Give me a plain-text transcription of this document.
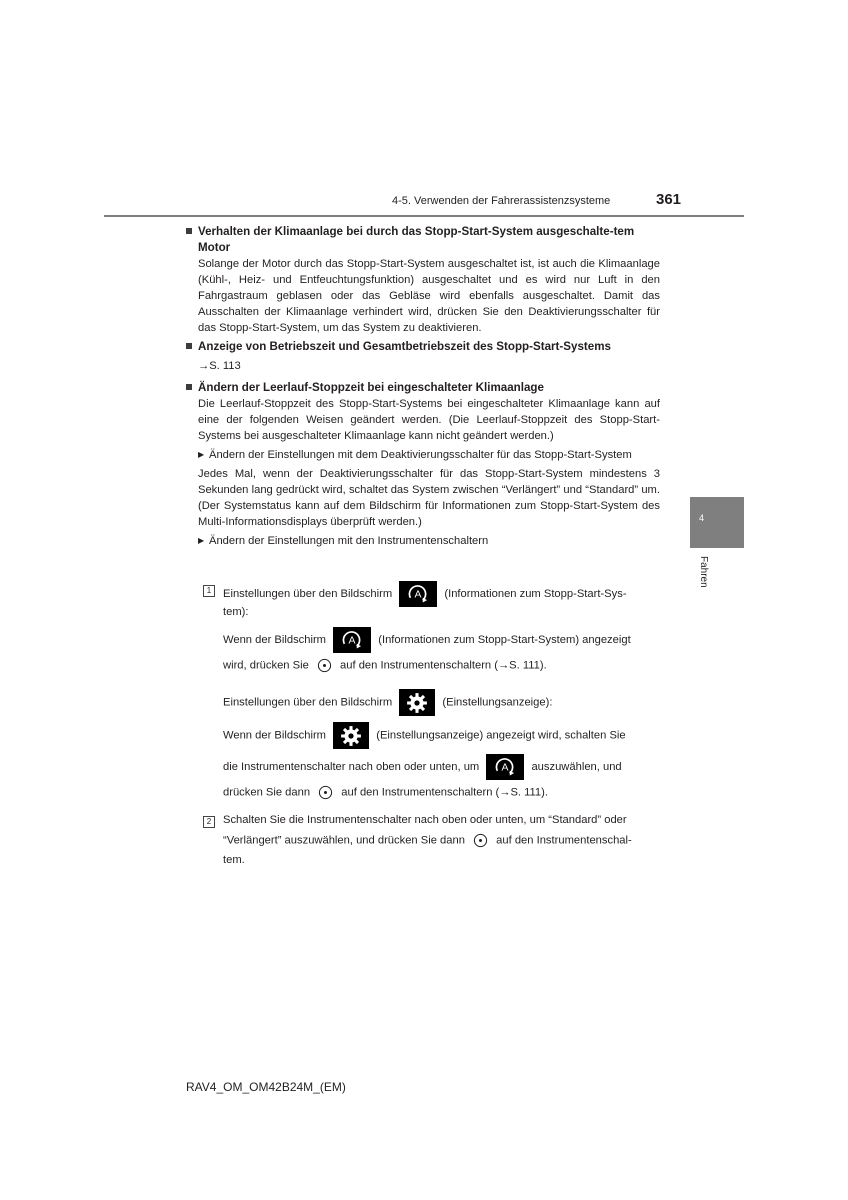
4-5. Verwenden der Fahrerassistenzsysteme	361
4
Fahren
Verhalten der Klimaanlage bei durch das Stopp-Start-System ausgeschalte-tem Motor
Solange der Motor durch das Stopp-Start-System ausgeschaltet ist, ist auch die Klimaanlage (Kühl-, Heiz- und Entfeuchtungsfunktion) ausgeschaltet und es wird nur Luft in den Fahrgastraum geblasen oder das Gebläse wird ebenfalls ausgeschaltet. Damit das Ausschalten der Klimaanlage verhindert wird, drücken Sie den Deaktivierungsschalter für das Stopp-Start-System, um das System zu deaktivieren.
Anzeige von Betriebszeit und Gesamtbetriebszeit des Stopp-Start-Systems
→S. 113
Ändern der Leerlauf-Stoppzeit bei eingeschalteter Klimaanlage
Die Leerlauf-Stoppzeit des Stopp-Start-Systems bei eingeschalteter Klimaanlage kann auf eine der folgenden Weisen geändert werden. (Die Leerlauf-Stoppzeit des Stopp-Start-Systems bei ausgeschalteter Klimaanlage kann nicht geändert werden.)
▶ Ändern der Einstellungen mit dem Deaktivierungsschalter für das Stopp-Start-System
Jedes Mal, wenn der Deaktivierungsschalter für das Stopp-Start-System mindestens 3 Sekunden lang gedrückt wird, schaltet das System zwischen “Verlängert” und “Standard” um. (Der Systemstatus kann auf dem Bildschirm für Informationen zum Stopp-Start-System des Multi-Informationsdisplays überprüft werden.)
▶ Ändern der Einstellungen mit den Instrumentenschaltern
1	Einstellungen über den Bildschirm	(Informationen zum Stopp-Start-Sys-
tem):
Wenn der Bildschirm	(Informationen zum Stopp-Start-System) angezeigt
wird, drücken Sie	auf den Instrumentenschaltern (→S. 111).
Einstellungen über den Bildschirm	(Einstellungsanzeige):
Wenn der Bildschirm	(Einstellungsanzeige) angezeigt wird, schalten Sie
die Instrumentenschalter nach oben oder unten, um	auszuwählen, und
drücken Sie dann	auf den Instrumentenschaltern (→S. 111).
2	Schalten Sie die Instrumentenschalter nach oben oder unten, um “Standard” oder
“Verlängert” auszuwählen, und drücken Sie dann	auf den Instrumentenschal-
tem.
RAV4_OM_OM42B24M_(EM)
